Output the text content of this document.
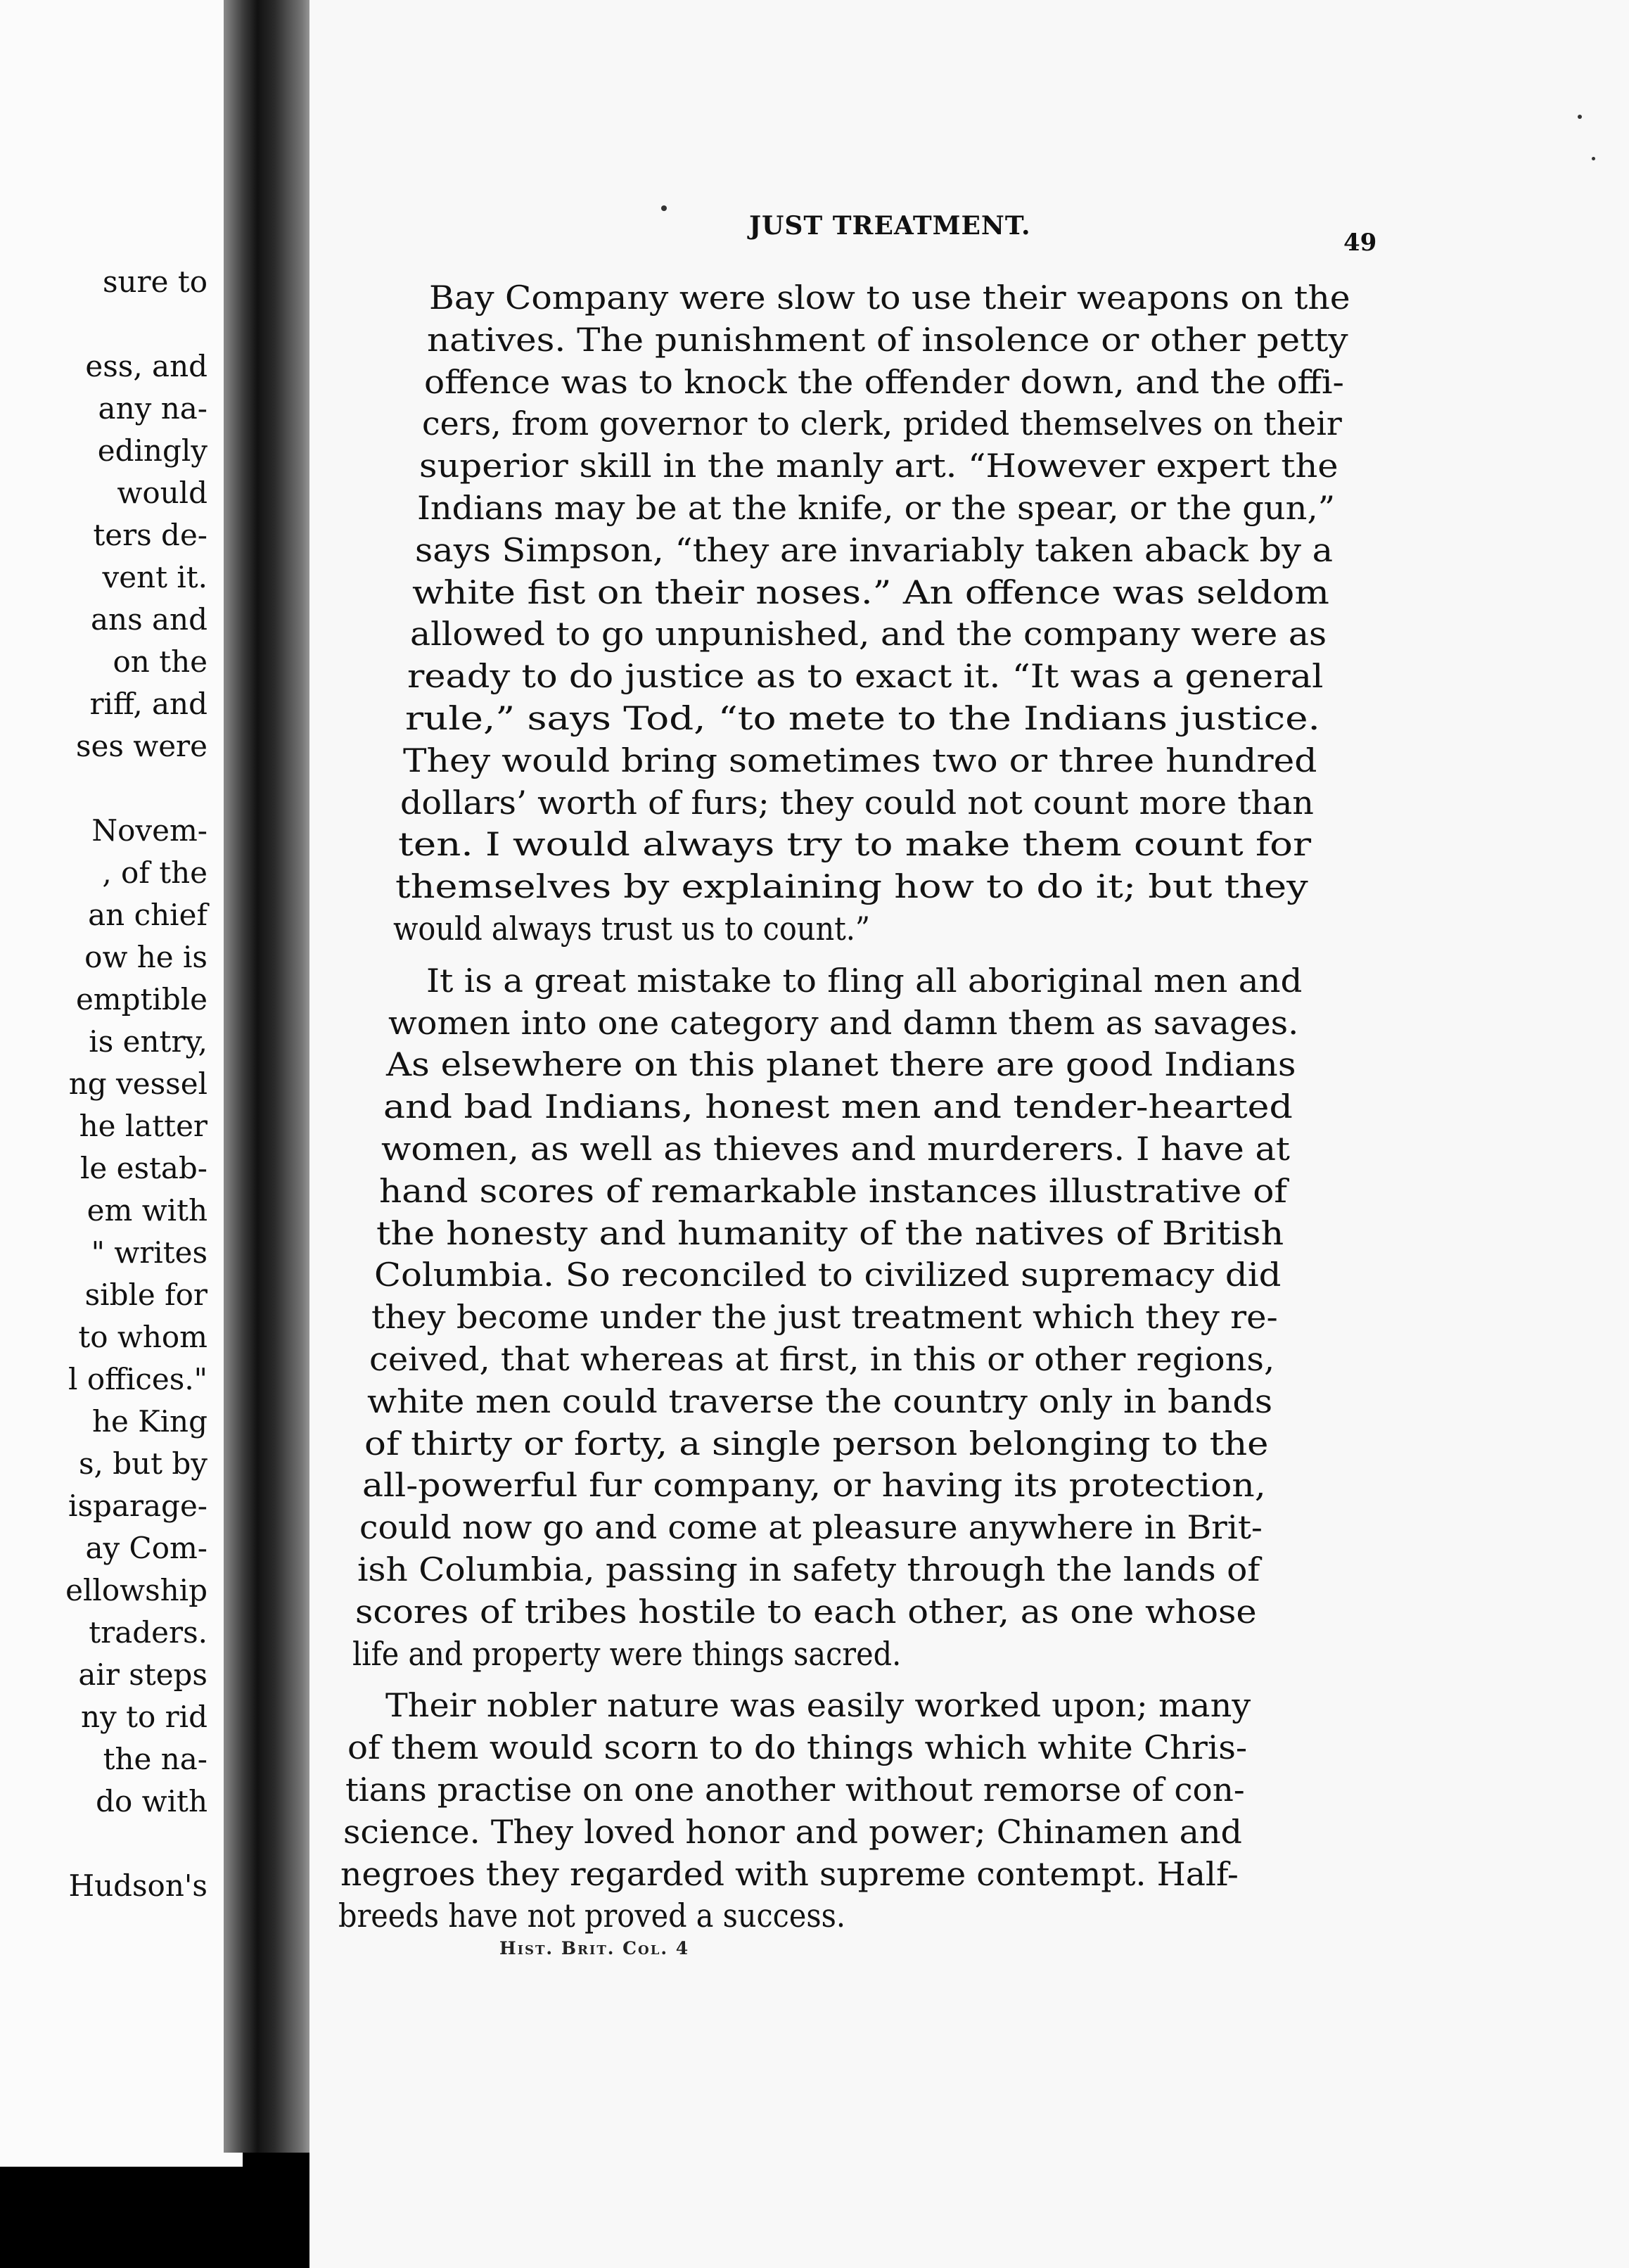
sure to
ess, and
any na-
edingly
would
ters de-
vent it.
ans and
on the
riff, and
ses were
Novem-
, of the
an chief
ow he is
emptible
is entry,
ng vessel
he latter
le estab-
em with
" writes
sible for
to whom
l offices."
he King
s, but by
isparage-
ay Com-
ellowship
traders.
air steps
ny to rid
the na-
do with
Hudson's
JUST TREATMENT.
49
Bay Company were slow to use their weapons on the
natives. The punishment of insolence or other petty
offence was to knock the offender down, and the offi-
cers, from governor to clerk, prided themselves on their
superior skill in the manly art. “However expert the
Indians may be at the knife, or the spear, or the gun,”
says Simpson, “they are invariably taken aback by a
white fist on their noses.” An offence was seldom
allowed to go unpunished, and the company were as
ready to do justice as to exact it. “It was a general
rule,” says Tod, “to mete to the Indians justice.
They would bring sometimes two or three hundred
dollars’ worth of furs; they could not count more than
ten. I would always try to make them count for
themselves by explaining how to do it; but they
would always trust us to count.”
It is a great mistake to fling all aboriginal men and
women into one category and damn them as savages.
As elsewhere on this planet there are good Indians
and bad Indians, honest men and tender-hearted
women, as well as thieves and murderers. I have at
hand scores of remarkable instances illustrative of
the honesty and humanity of the natives of British
Columbia. So reconciled to civilized supremacy did
they become under the just treatment which they re-
ceived, that whereas at first, in this or other regions,
white men could traverse the country only in bands
of thirty or forty, a single person belonging to the
all-powerful fur company, or having its protection,
could now go and come at pleasure anywhere in Brit-
ish Columbia, passing in safety through the lands of
scores of tribes hostile to each other, as one whose
life and property were things sacred.
Their nobler nature was easily worked upon; many
of them would scorn to do things which white Chris-
tians practise on one another without remorse of con-
science. They loved honor and power; Chinamen and
negroes they regarded with supreme contempt. Half-
breeds have not proved a success.
Hist. Brit. Col. 4
